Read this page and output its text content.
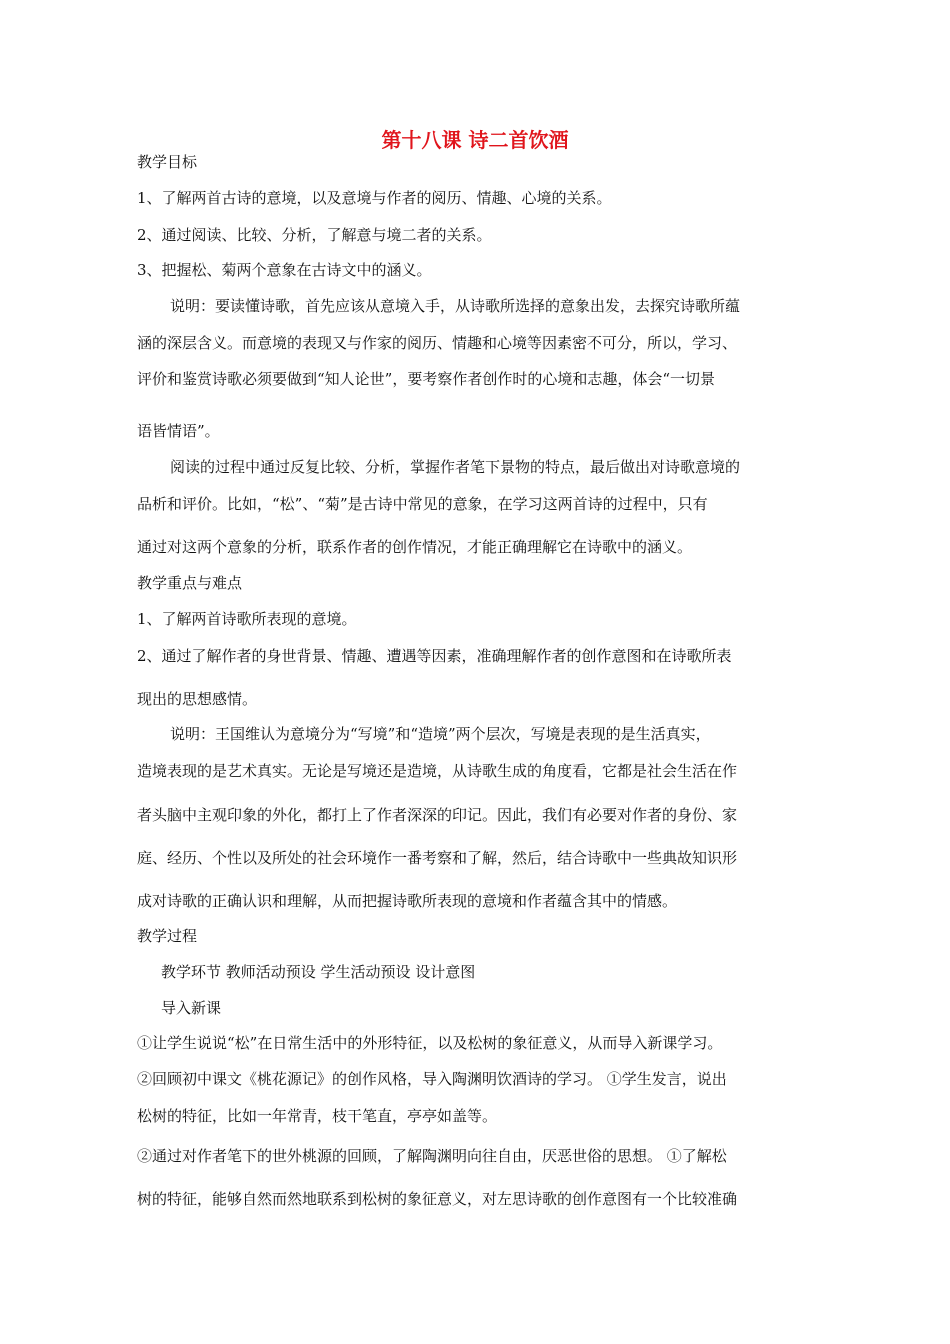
第十八课 诗二首饮酒
教学目标
1、了解两首古诗的意境，以及意境与作者的阅历、情趣、心境的关系。
2、通过阅读、比较、分析，了解意与境二者的关系。
3、把握松、菊两个意象在古诗文中的涵义。
说明：要读懂诗歌，首先应该从意境入手，从诗歌所选择的意象出发，去探究诗歌所蕴
涵的深层含义。而意境的表现又与作家的阅历、情趣和心境等因素密不可分，所以，学习、
评价和鉴赏诗歌必须要做到“知人论世”，要考察作者创作时的心境和志趣，体会“一切景
语皆情语”。
阅读的过程中通过反复比较、分析，掌握作者笔下景物的特点，最后做出对诗歌意境的
品析和评价。比如，“松”、“菊”是古诗中常见的意象，在学习这两首诗的过程中，只有
通过对这两个意象的分析，联系作者的创作情况，才能正确理解它在诗歌中的涵义。
教学重点与难点
1、了解两首诗歌所表现的意境。
2、通过了解作者的身世背景、情趣、遭遇等因素，准确理解作者的创作意图和在诗歌所表
现出的思想感情。
说明：王国维认为意境分为“写境”和“造境”两个层次，写境是表现的是生活真实，
造境表现的是艺术真实。无论是写境还是造境，从诗歌生成的角度看，它都是社会生活在作
者头脑中主观印象的外化，都打上了作者深深的印记。因此，我们有必要对作者的身份、家
庭、经历、个性以及所处的社会环境作一番考察和了解，然后，结合诗歌中一些典故知识形
成对诗歌的正确认识和理解，从而把握诗歌所表现的意境和作者蕴含其中的情感。
教学过程
教学环节 教师活动预设 学生活动预设 设计意图
导入新课
①让学生说说“松”在日常生活中的外形特征，以及松树的象征意义，从而导入新课学习。
②回顾初中课文《桃花源记》的创作风格，导入陶渊明饮酒诗的学习。 ①学生发言，说出
松树的特征，比如一年常青，枝干笔直，亭亭如盖等。
②通过对作者笔下的世外桃源的回顾，了解陶渊明向往自由，厌恶世俗的思想。 ①了解松
树的特征，能够自然而然地联系到松树的象征意义，对左思诗歌的创作意图有一个比较准确
